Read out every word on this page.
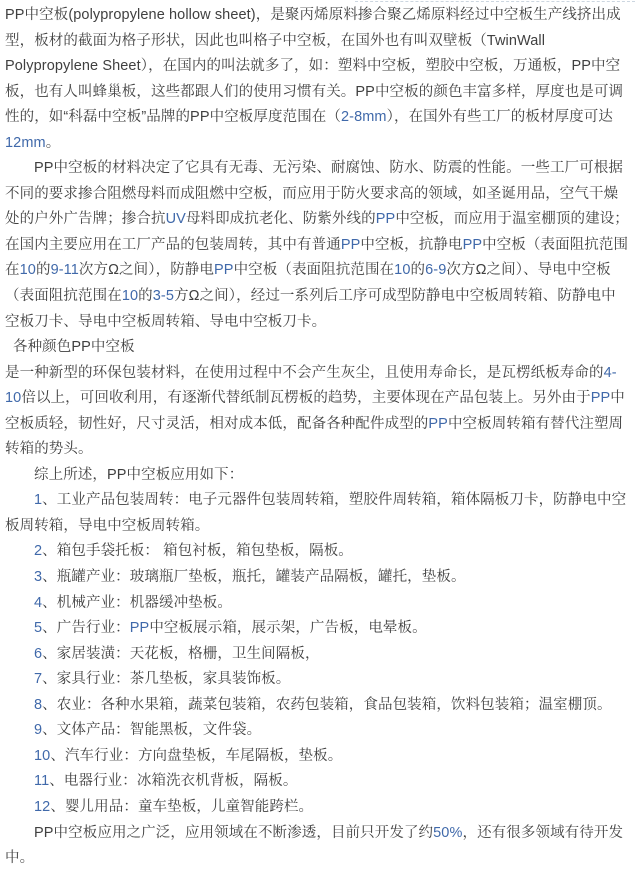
PP中空板(polypropylene hollow sheet)，是聚丙烯原料掺合聚乙烯原料经过中空板生产线挤出成型，板材的截面为格子形状，因此也叫格子中空板，在国外也有叫双壁板（TwinWall Polypropylene Sheet），在国内的叫法就多了，如：塑料中空板，塑胶中空板，万通板，PP中空板，也有人叫蜂巢板，这些都跟人们的使用习惯有关。PP中空板的颜色丰富多样，厚度也是可调性的，如“科磊中空板”品牌的PP中空板厚度范围在（2-8mm），在国外有些工厂的板材厚度可达12mm。

PP中空板的材料决定了它具有无毒、无污染、耐腐蚀、防水、防震的性能。一些工厂可根据不同的要求掺合阻燃母料而成阻燃中空板，而应用于防火要求高的领域，如圣诞用品，空气干燥处的户外广告牌；掺合抗UV母料即成抗老化、防紫外线的PP中空板，而应用于温室棚顶的建设；在国内主要应用在工厂产品的包装周转，其中有普通PP中空板，抗静电PP中空板（表面阻抗范围在10的9-11次方Ω之间），防静电PP中空板（表面阻抗范围在10的6-9次方Ω之间）、导电中空板（表面阻抗范围在10的3-5方Ω之间），经过一系列后工序可成型防静电中空板周转箱、防静电中空板刀卡、导电中空板周转箱、导电中空板刀卡。

各种颜色PP中空板

是一种新型的环保包装材料，在使用过程中不会产生灰尘，且使用寿命长，是瓦楞纸板寿命的4-10倍以上，可回收利用，有逐渐代替纸制瓦楞板的趋势，主要体现在产品包装上。另外由于PP中空板质轻，韧性好，尺寸灵活，相对成本低，配备各种配件成型的PP中空板周转箱有替代注塑周转箱的势头。

综上所述，PP中空板应用如下：

1、工业产品包装周转：电子元器件包装周转箱，塑胶件周转箱，箱体隔板刀卡，防静电中空板周转箱，导电中空板周转箱。

2、箱包手袋托板： 箱包衬板，箱包垫板，隔板。

3、瓶罐产业：玻璃瓶厂垫板，瓶托，罐装产品隔板，罐托，垫板。

4、机械产业：机器缓冲垫板。

5、广告行业：PP中空板展示箱，展示架，广告板，电晕板。

6、家居装潢：天花板，格栅，卫生间隔板，

7、家具行业：茶几垫板，家具装饰板。

8、农业：各种水果箱，蔬菜包装箱，农药包装箱，食品包装箱，饮料包装箱；温室棚顶。

9、文体产品：智能黑板，文件袋。

10、汽车行业：方向盘垫板，车尾隔板，垫板。

11、电器行业：冰箱洗衣机背板，隔板。

12、婴儿用品：童车垫板，儿童智能跨栏。

PP中空板应用之广泛，应用领域在不断渗透，目前只开发了约50%，还有很多领域有待开发中。
